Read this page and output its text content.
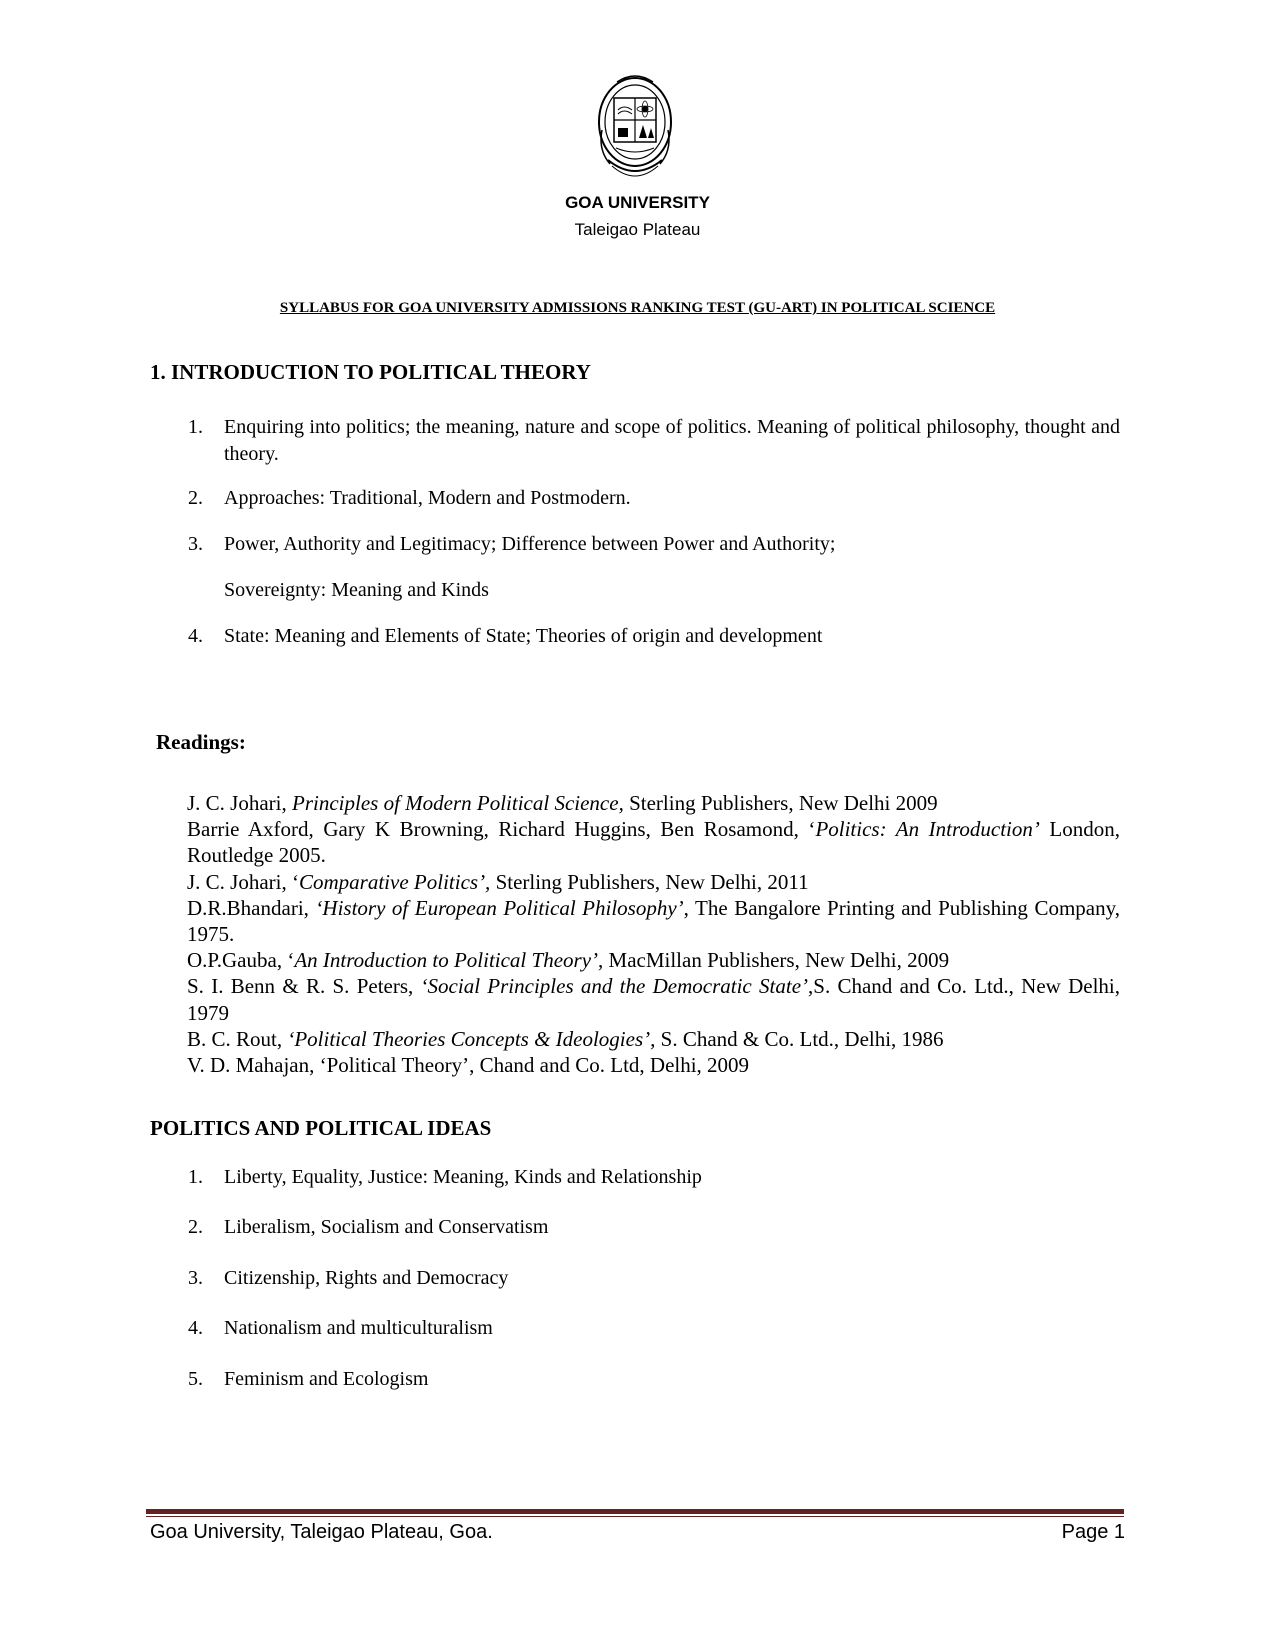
GOA UNIVERSITY
Taleigao Plateau
SYLLABUS FOR GOA UNIVERSITY ADMISSIONS RANKING TEST (GU-ART) IN POLITICAL SCIENCE
1. INTRODUCTION TO POLITICAL THEORY
1.	Enquiring into politics; the meaning, nature and scope of politics. Meaning of political philosophy, thought and theory.
2.	Approaches: Traditional, Modern and Postmodern.
3.	Power, Authority and Legitimacy; Difference between Power and Authority;
Sovereignty: Meaning and Kinds
4.	State: Meaning and Elements of State; Theories of origin and development
Readings:

J. C. Johari, Principles of Modern Political Science, Sterling Publishers, New Delhi 2009

Barrie Axford, Gary K Browning, Richard Huggins, Ben Rosamond, ‘Politics: An Introduction’ London, Routledge 2005.

J. C. Johari, ‘Comparative Politics’, Sterling Publishers, New Delhi, 2011

D.R.Bhandari, ‘History of European Political Philosophy’, The Bangalore Printing and Publishing Company, 1975.

O.P.Gauba, ‘An Introduction to Political Theory’, MacMillan Publishers, New Delhi, 2009

S. I. Benn & R. S. Peters, ‘Social Principles and the Democratic State’,S. Chand and Co. Ltd., New Delhi, 1979

B. C. Rout, ‘Political Theories Concepts & Ideologies’, S. Chand & Co. Ltd., Delhi, 1986

V. D. Mahajan, ‘Political Theory’, Chand and Co. Ltd, Delhi, 2009

POLITICS AND POLITICAL IDEAS
1.	Liberty, Equality, Justice: Meaning, Kinds and Relationship
2.	Liberalism, Socialism and Conservatism
3.	Citizenship, Rights and Democracy
4.	Nationalism and multiculturalism
5.	Feminism and Ecologism
Goa University, Taleigao Plateau, Goa.	Page 1
